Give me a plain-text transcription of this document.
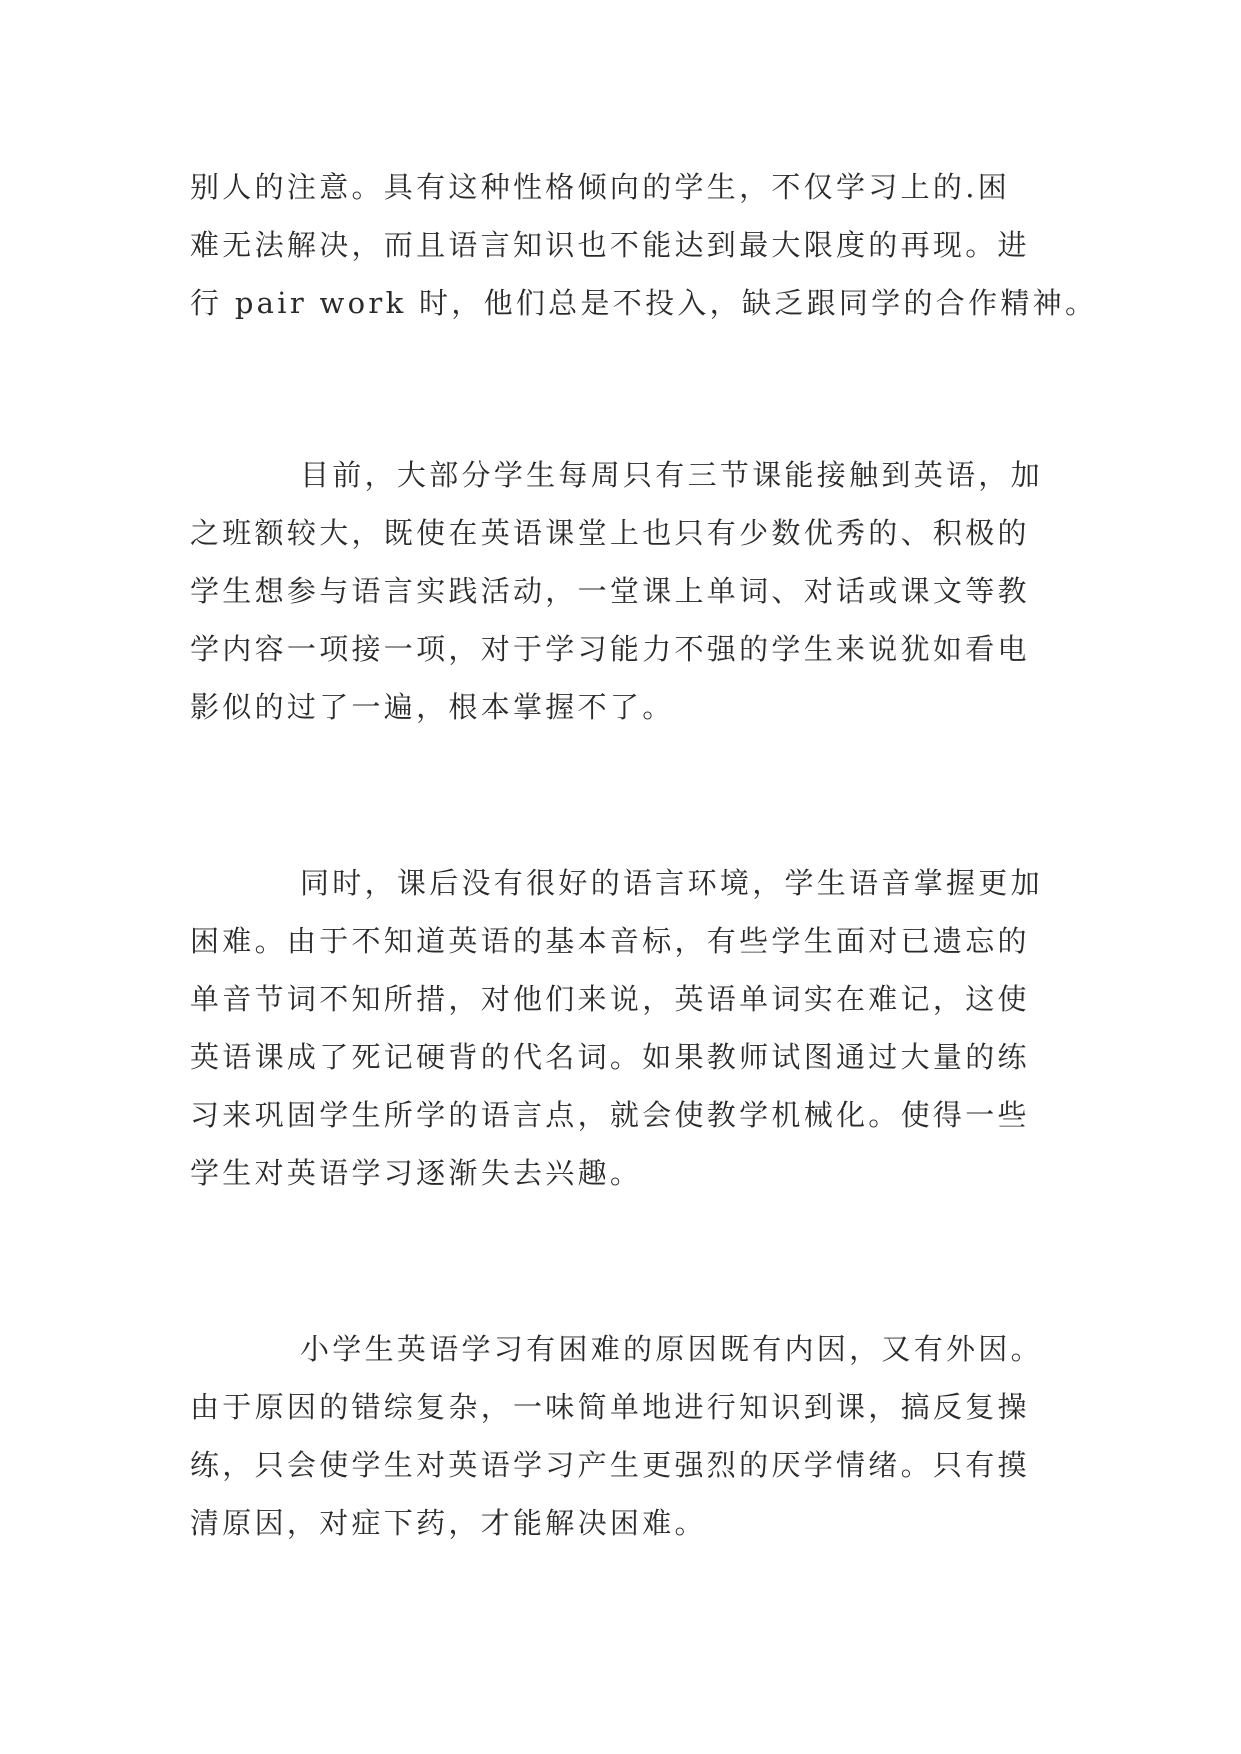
别人的注意。具有这种性格倾向的学生，不仅学习上的.困
难无法解决，而且语言知识也不能达到最大限度的再现。进
行 pair work 时，他们总是不投入，缺乏跟同学的合作精神。

目前，大部分学生每周只有三节课能接触到英语，加
之班额较大，既使在英语课堂上也只有少数优秀的、积极的
学生想参与语言实践活动，一堂课上单词、对话或课文等教
学内容一项接一项，对于学习能力不强的学生来说犹如看电
影似的过了一遍，根本掌握不了。

同时，课后没有很好的语言环境，学生语音掌握更加
困难。由于不知道英语的基本音标，有些学生面对已遗忘的
单音节词不知所措，对他们来说，英语单词实在难记，这使
英语课成了死记硬背的代名词。如果教师试图通过大量的练
习来巩固学生所学的语言点，就会使教学机械化。使得一些
学生对英语学习逐渐失去兴趣。

小学生英语学习有困难的原因既有内因，又有外因。
由于原因的错综复杂，一味简单地进行知识到课，搞反复操
练，只会使学生对英语学习产生更强烈的厌学情绪。只有摸
清原因，对症下药，才能解决困难。
